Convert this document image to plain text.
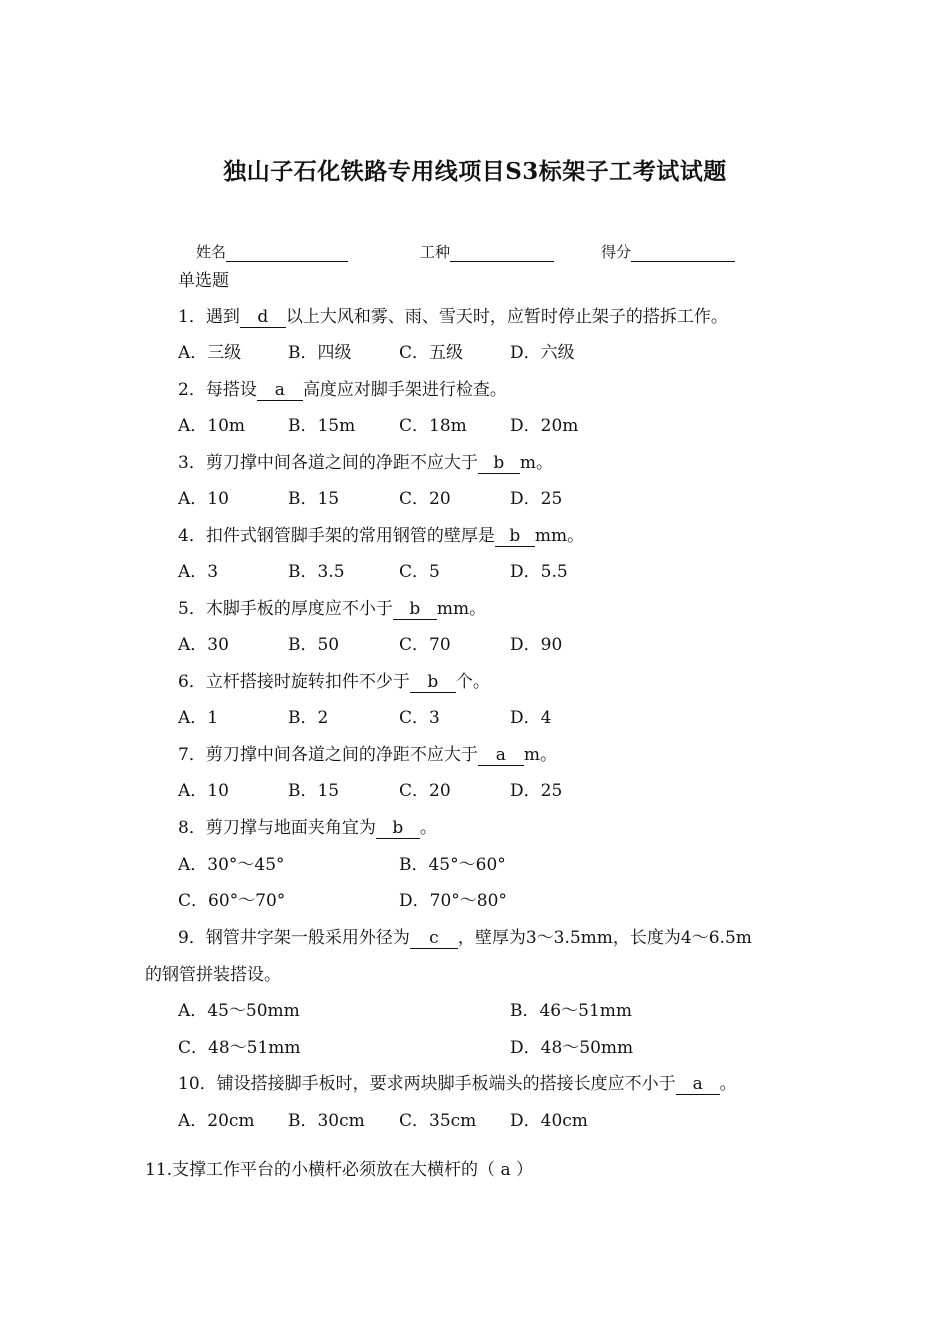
独山子石化铁路专用线项目S3标架子工考试试题
姓名	工种	得分
单选题
1．遇到 d 以上大风和雾、雨、雪天时，应暂时停止架子的搭拆工作。
A．三级	B．四级	C．五级	D．六级
2．每搭设 a 高度应对脚手架进行检查。
A．10m	B．15m	C．18m	D．20m
3．剪刀撑中间各道之间的净距不应大于 b m。
A．10	B．15	C．20	D．25
4．扣件式钢管脚手架的常用钢管的壁厚是 b mm。
A．3	B．3.5	C．5	D．5.5
5．木脚手板的厚度应不小于 b mm。
A．30	B．50	C．70	D．90
6．立杆搭接时旋转扣件不少于 b 个。
A．1	B．2	C．3	D．4
7．剪刀撑中间各道之间的净距不应大于 a m。
A．10	B．15	C．20	D．25
8．剪刀撑与地面夹角宜为 b 。
A．30°～45°	B．45°～60°
C．60°～70°	D．70°～80°
9．钢管井字架一般采用外径为 c ，壁厚为3～3.5mm，长度为4～6.5m
的钢管拼装搭设。
A．45～50mm	B．46～51mm
C．48～51mm	D．48～50mm
10．铺设搭接脚手板时，要求两块脚手板端头的搭接长度应不小于 a 。
A．20cm B．30cm C．35cm D．40cm
11.支撑工作平台的小横杆必须放在大横杆的（ a ）
